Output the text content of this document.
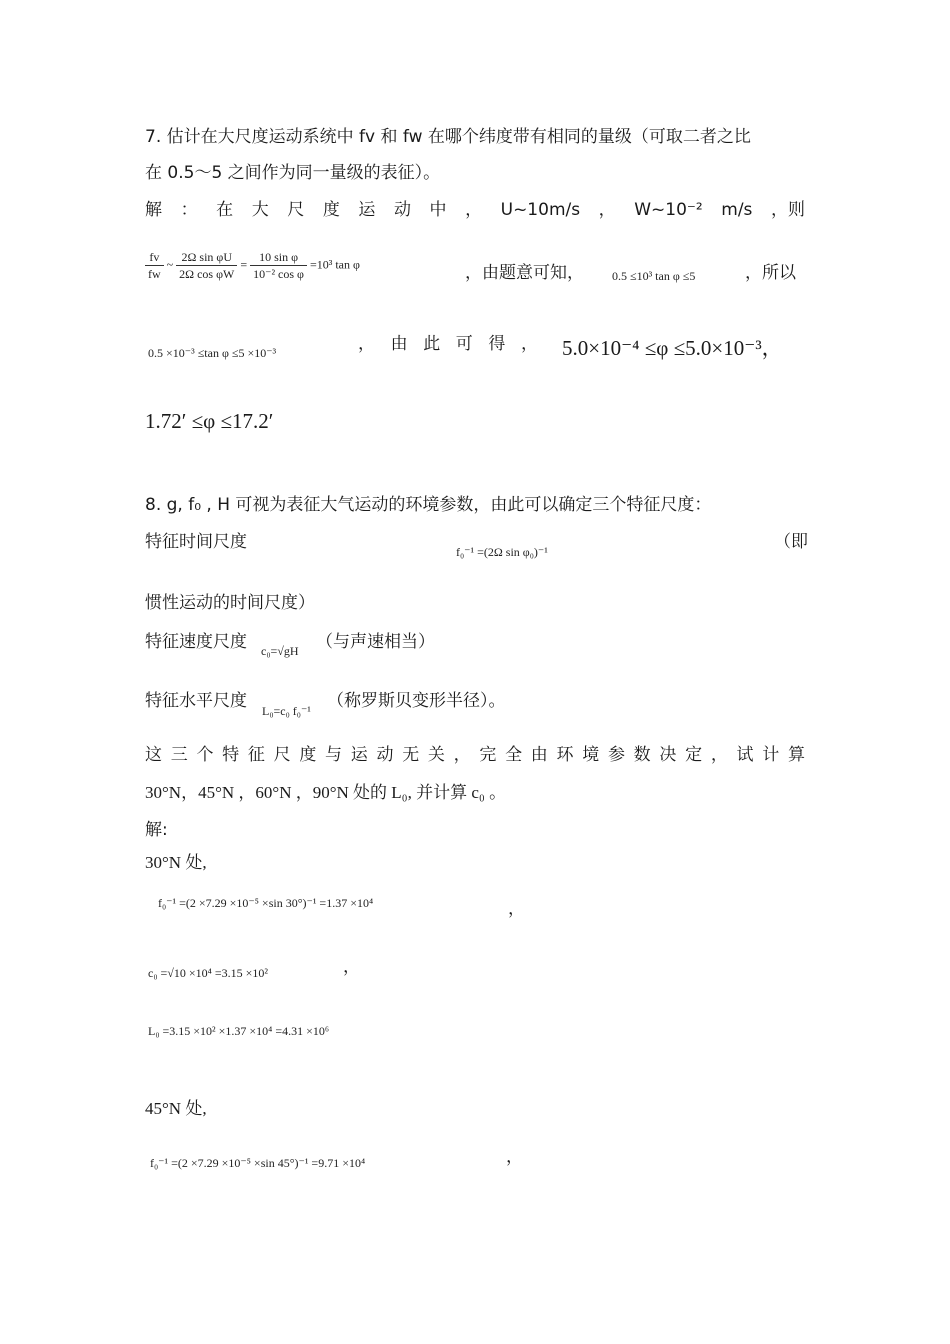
7. 估计在大尺度运动系统中 fv 和 fw 在哪个纬度带有相同的量级（可取二者之比
在 0.5～5 之间作为同一量级的表征）。
解 ： 在 大 尺 度 运 动 中 ， U~10m/s ， W~10⁻² m/s ，则
$\frac{fv}{fw}$ ~ $\frac{\text{2Ω sin φU}}{\text{2Ω cos φW}} = \frac{\text{10 sin φ}}{\text{10⁻² cos φ}} =10^3$ tan φ	，由题意可知， 0.5 ≤10³ tan φ ≤5	，所以
0.5 ×10⁻³ ≤tan φ ≤5 ×10⁻³	， 由 此 可 得 ， 5.0×10⁻⁴ ≤φ ≤5.0×10⁻³，
1.72′ ≤φ ≤17.2′
8. g, f₀ , H 可视为表征大气运动的环境参数，由此可以确定三个特征尺度：
特征时间尺度	f₀⁻¹ =(2Ω sin φ₀)⁻¹	（即
惯性运动的时间尺度）
特征速度尺度 c₀=√gH （与声速相当）
特征水平尺度 L₀=c₀ f₀⁻¹ （称罗斯贝变形半径）。
这 三 个 特 征 尺 度 与 运 动 无 关 ， 完 全 由 环 境 参 数 决 定 ， 试 计 算
30°N，45°N ，60°N ，90°N 处的 L₀, 并计算 c₀ 。
解:
30°N 处,
f₀⁻¹ =(2 ×7.29 ×10⁻⁵ ×sin 30°)⁻¹ =1.37 ×10⁴	，
c₀ =√10 ×10⁴ =3.15 ×10²	，
L₀ =3.15 ×10² ×1.37 ×10⁴ =4.31 ×10⁶
45°N 处,
f₀⁻¹ =(2 ×7.29 ×10⁻⁵ ×sin 45°)⁻¹ =9.71 ×10⁴	，
